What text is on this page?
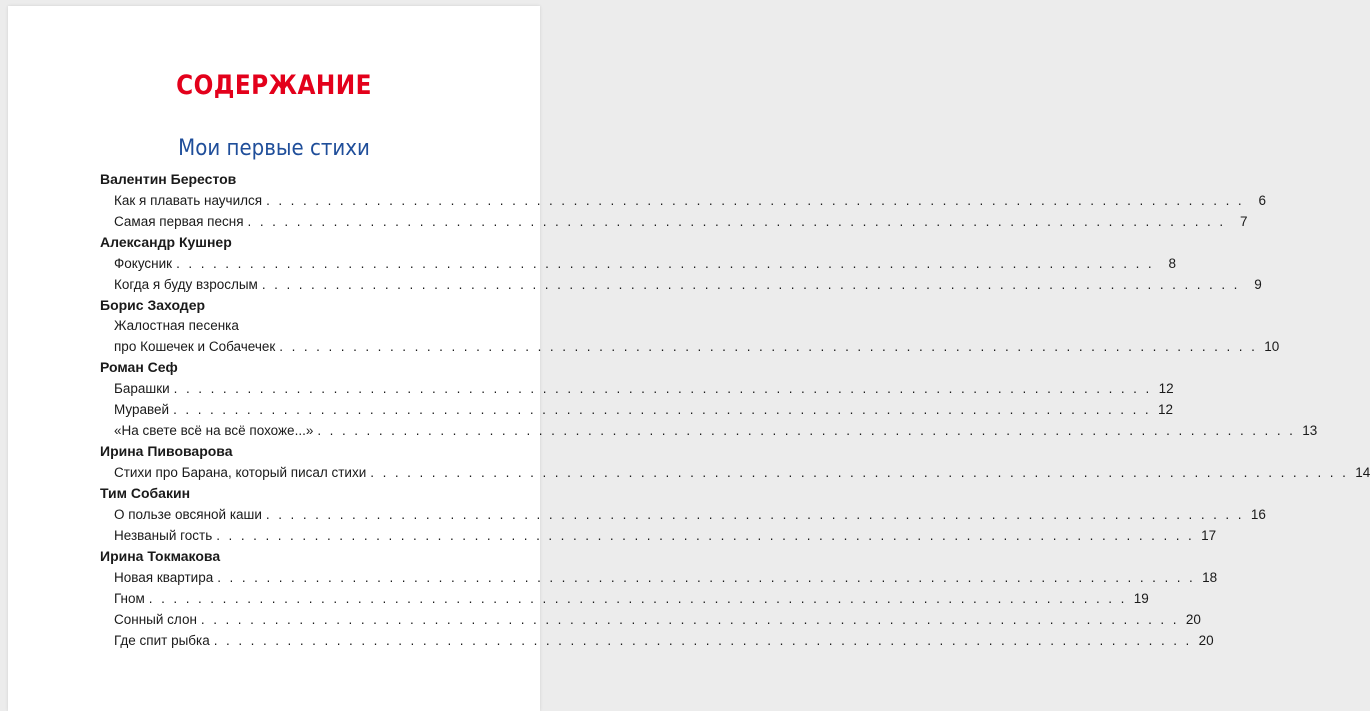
СОДЕРЖАНИЕ
Мои первые стихи
Валентин Берестов
Как я плавать научился . . . . . . . . . . . . . . . . . . . . . . . . . . . . . . . . . . . . . . . . . . . . . . . . . . . . . . . . . . . . . . . . . . . . . . . . . . . . . . . .	6
Самая первая песня . . . . . . . . . . . . . . . . . . . . . . . . . . . . . . . . . . . . . . . . . . . . . . . . . . . . . . . . . . . . . . . . . . . . . . . . . . . . . . . .	7
Александр Кушнер
Фокусник . . . . . . . . . . . . . . . . . . . . . . . . . . . . . . . . . . . . . . . . . . . . . . . . . . . . . . . . . . . . . . . . . . . . . . . . . . . . . . . .	8
Когда я буду взрослым . . . . . . . . . . . . . . . . . . . . . . . . . . . . . . . . . . . . . . . . . . . . . . . . . . . . . . . . . . . . . . . . . . . . . . . . . . . . . . . .	9
Борис Заходер
Жалостная песенка
про Кошечек и Собачечек . . . . . . . . . . . . . . . . . . . . . . . . . . . . . . . . . . . . . . . . . . . . . . . . . . . . . . . . . . . . . . . . . . . . . . . . . . . . . . . . 10
Роман Сеф
Барашки . . . . . . . . . . . . . . . . . . . . . . . . . . . . . . . . . . . . . . . . . . . . . . . . . . . . . . . . . . . . . . . . . . . . . . . . . . . . . . . . 12
Муравей . . . . . . . . . . . . . . . . . . . . . . . . . . . . . . . . . . . . . . . . . . . . . . . . . . . . . . . . . . . . . . . . . . . . . . . . . . . . . . . . 12
«На свете всё на всё похоже...» . . . . . . . . . . . . . . . . . . . . . . . . . . . . . . . . . . . . . . . . . . . . . . . . . . . . . . . . . . . . . . . . . . . . . . . . . . . . . . . . 13
Ирина Пивоварова
Стихи про Барана, который писал стихи . . . . . . . . . . . . . . . . . . . . . . . . . . . . . . . . . . . . . . . . . . . . . . . . . . . . . . . . . . . . . . . . . . . . . . . . . . . . . . . . 14
Тим Собакин
О пользе овсяной каши . . . . . . . . . . . . . . . . . . . . . . . . . . . . . . . . . . . . . . . . . . . . . . . . . . . . . . . . . . . . . . . . . . . . . . . . . . . . . . . . 16
Незваный гость . . . . . . . . . . . . . . . . . . . . . . . . . . . . . . . . . . . . . . . . . . . . . . . . . . . . . . . . . . . . . . . . . . . . . . . . . . . . . . . . 17
Ирина Токмакова
Новая квартира . . . . . . . . . . . . . . . . . . . . . . . . . . . . . . . . . . . . . . . . . . . . . . . . . . . . . . . . . . . . . . . . . . . . . . . . . . . . . . . . 18
Гном . . . . . . . . . . . . . . . . . . . . . . . . . . . . . . . . . . . . . . . . . . . . . . . . . . . . . . . . . . . . . . . . . . . . . . . . . . . . . . . . 19
Сонный слон . . . . . . . . . . . . . . . . . . . . . . . . . . . . . . . . . . . . . . . . . . . . . . . . . . . . . . . . . . . . . . . . . . . . . . . . . . . . . . . . 20
Где спит рыбка . . . . . . . . . . . . . . . . . . . . . . . . . . . . . . . . . . . . . . . . . . . . . . . . . . . . . . . . . . . . . . . . . . . . . . . . . . . . . . . . 20
